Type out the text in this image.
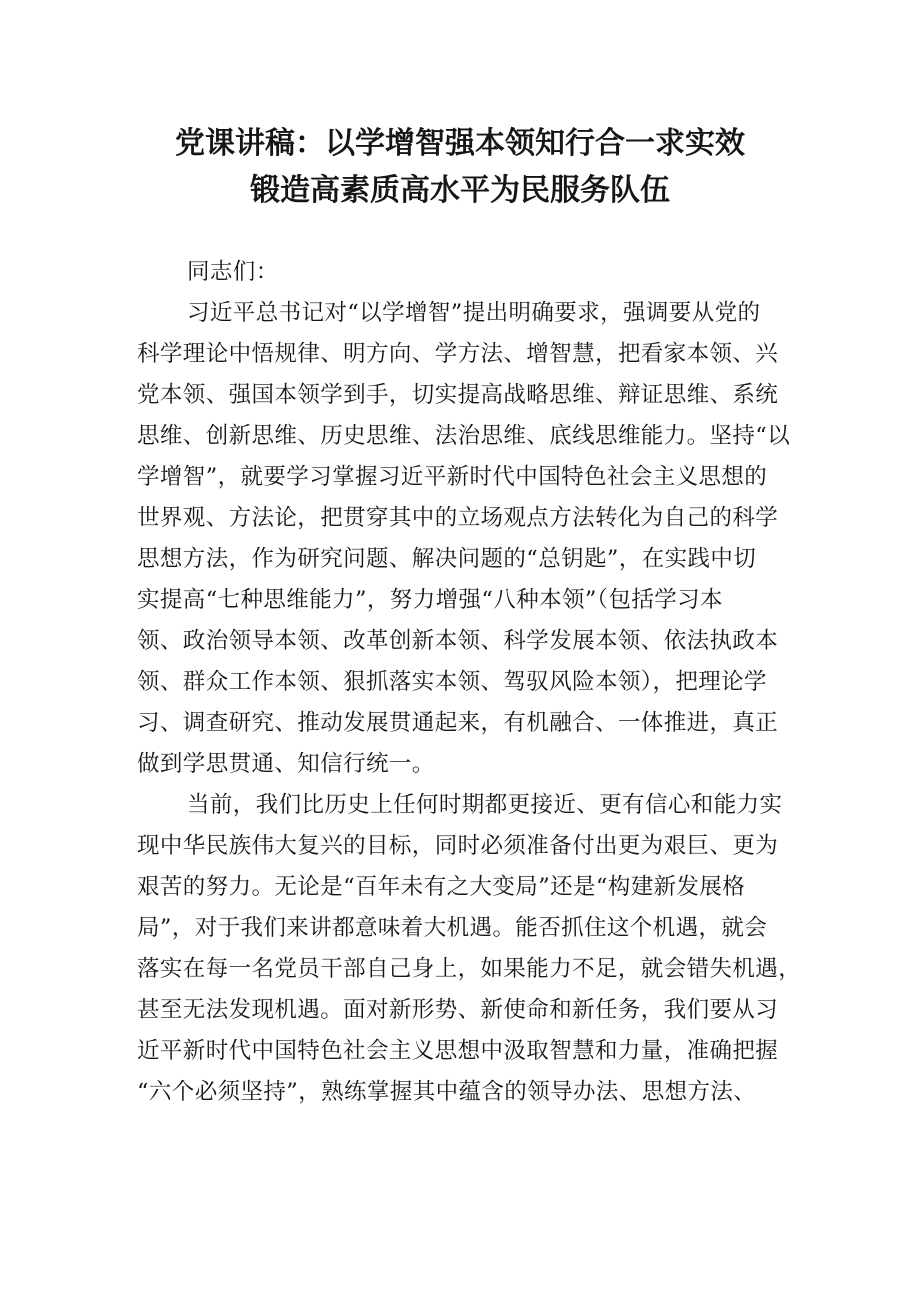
党课讲稿：以学增智强本领知行合一求实效
锻造高素质高水平为民服务队伍
同志们：
习近平总书记对“以学增智”提出明确要求，强调要从党的
科学理论中悟规律、明方向、学方法、增智慧，把看家本领、兴
党本领、强国本领学到手，切实提高战略思维、辩证思维、系统
思维、创新思维、历史思维、法治思维、底线思维能力。坚持“以
学增智”，就要学习掌握习近平新时代中国特色社会主义思想的
世界观、方法论，把贯穿其中的立场观点方法转化为自己的科学
思想方法，作为研究问题、解决问题的“总钥匙”，在实践中切
实提高“七种思维能力”，努力增强“八种本领”（包括学习本
领、政治领导本领、改革创新本领、科学发展本领、依法执政本
领、群众工作本领、狠抓落实本领、驾驭风险本领），把理论学
习、调查研究、推动发展贯通起来，有机融合、一体推进，真正
做到学思贯通、知信行统一。
当前，我们比历史上任何时期都更接近、更有信心和能力实
现中华民族伟大复兴的目标，同时必须准备付出更为艰巨、更为
艰苦的努力。无论是“百年未有之大变局”还是“构建新发展格
局”，对于我们来讲都意味着大机遇。能否抓住这个机遇，就会
落实在每一名党员干部自己身上，如果能力不足，就会错失机遇，
甚至无法发现机遇。面对新形势、新使命和新任务，我们要从习
近平新时代中国特色社会主义思想中汲取智慧和力量，准确把握
“六个必须坚持”，熟练掌握其中蕴含的领导办法、思想方法、
